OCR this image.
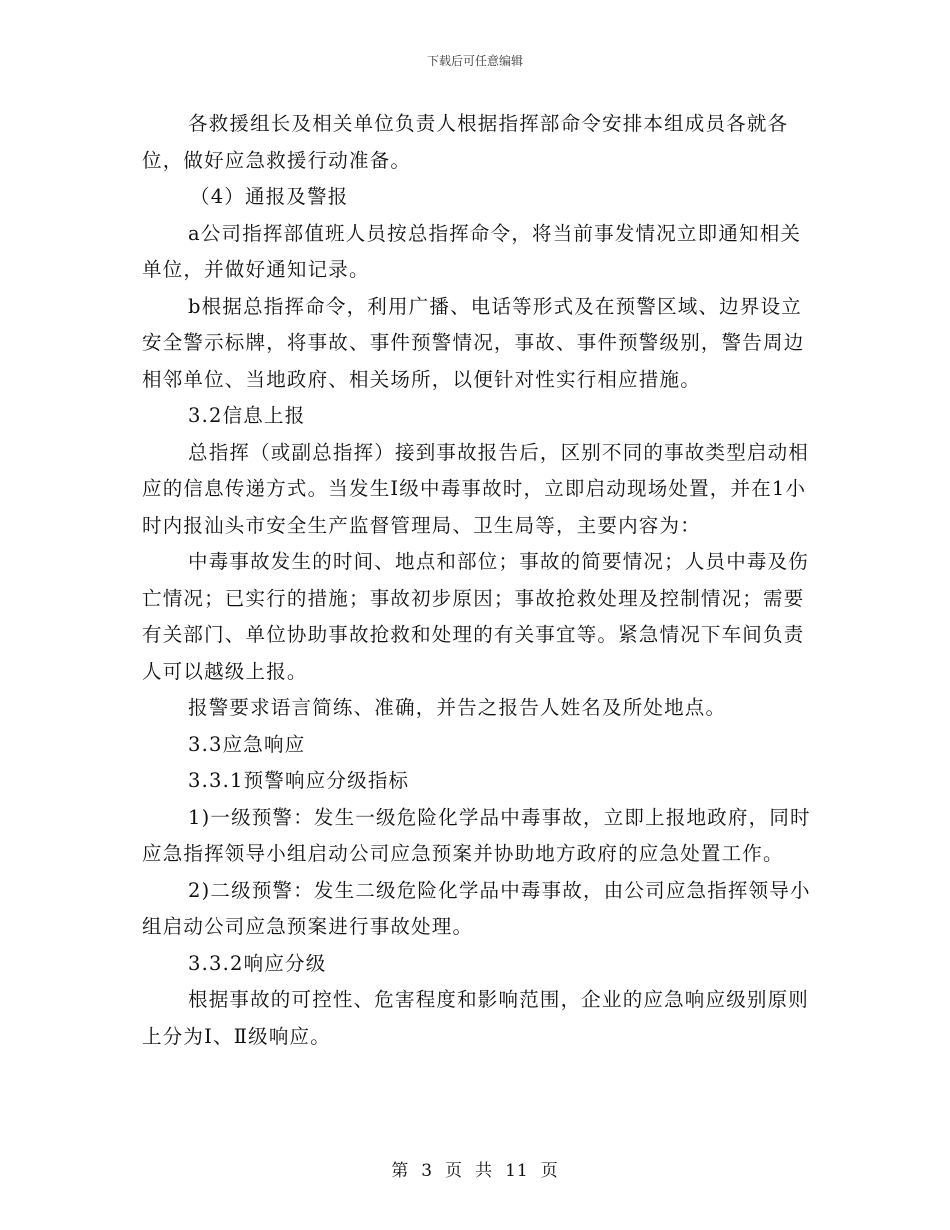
下载后可任意编辑

各救援组长及相关单位负责人根据指挥部命令安排本组成员各就各位，做好应急救援行动准备。

（4）通报及警报

a公司指挥部值班人员按总指挥命令，将当前事发情况立即通知相关单位，并做好通知记录。

b根据总指挥命令，利用广播、电话等形式及在预警区域、边界设立安全警示标牌，将事故、事件预警情况，事故、事件预警级别，警告周边相邻单位、当地政府、相关场所，以便针对性实行相应措施。

3.2信息上报

总指挥（或副总指挥）接到事故报告后，区别不同的事故类型启动相应的信息传递方式。当发生Ⅰ级中毒事故时，立即启动现场处置，并在1小时内报汕头市安全生产监督管理局、卫生局等，主要内容为：

中毒事故发生的时间、地点和部位；事故的简要情况；人员中毒及伤亡情况；已实行的措施；事故初步原因；事故抢救处理及控制情况；需要有关部门、单位协助事故抢救和处理的有关事宜等。紧急情况下车间负责人可以越级上报。

报警要求语言简练、准确，并告之报告人姓名及所处地点。

3.3应急响应

3.3.1预警响应分级指标

1)一级预警：发生一级危险化学品中毒事故，立即上报地政府，同时应急指挥领导小组启动公司应急预案并协助地方政府的应急处置工作。

2)二级预警：发生二级危险化学品中毒事故，由公司应急指挥领导小组启动公司应急预案进行事故处理。

3.3.2响应分级

根据事故的可控性、危害程度和影响范围，企业的应急响应级别原则上分为Ⅰ、Ⅱ级响应。

第 3 页 共 11 页
